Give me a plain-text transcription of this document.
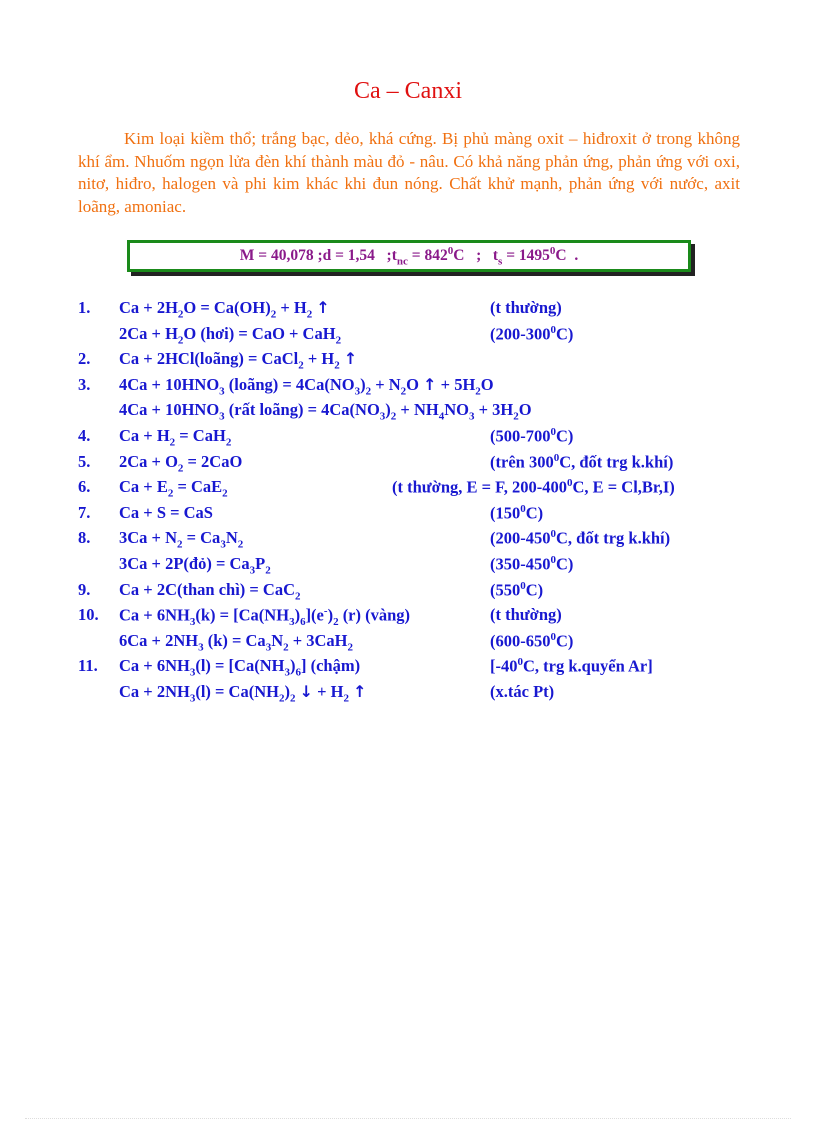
Ca – Canxi

Kim loại kiềm thổ; trắng bạc, dẻo, khá cứng. Bị phủ màng oxit – hiđroxit ở trong không khí ẩm. Nhuốm ngọn lửa đèn khí thành màu đỏ - nâu. Có khả năng phản ứng, phản ứng với oxi, nitơ, hiđro, halogen và phi kim khác khi đun nóng. Chất khử mạnh, phản ứng với nước, axit loãng, amoniac.

M = 40,078 ; d = 1,54   ; $t_{nc} = 842^0C$ ; $t_s = 1495^0C$  .
1. $Ca + 2H_2O = Ca(OH)_2 + H_2$ ↑	(t thường)
$2Ca + H_2O$ (hơi) = CaO + CaH$_2$	$(200-300^0C)$
2. Ca + 2HCl(loãng) = CaCl$_2$ + $H_2$ ↑
3. $4Ca + 10HNO_3$ (loãng) = $4Ca(NO_3)_2 + N_2O$ ↑ + $5H_2O$
$4Ca + 10HNO_3$ (rất loãng) = $4Ca(NO_3)_2 + NH_4NO_3 + 3H_2O$
4. $Ca + H_2 = CaH_2$	$(500-700^0C)$
5. $2Ca + O_2 = 2CaO$	(trên $300^0C$, đốt trg k.khí)
6. $Ca + E_2 = CaE_2$	(t thường, E = F, $200-400^0C$, E = Cl,Br,I)
7. Ca + S = CaS	$(150^0C)$
8. $3Ca + N_2 = Ca_3N_2$	($200-450^0C$, đốt trg k.khí)
3Ca + 2P(đỏ) = $Ca_3P_2$	$(350-450^0C)$
9. Ca + 2C(than chì) = CaC$_2$	$(550^0C)$
10. $Ca + 6NH_3(k) = [Ca(NH_3)_6](e^-)_2$ (r) (vàng)	(t thường)
$6Ca + 2NH_3$ $(k) = Ca_3N_2 + 3CaH_2$	$(600-650^0C)$
11. $Ca + 6NH_3(l) = [Ca(NH_3)_6]$ (chậm)	[$-40^0C$, trg k.quyển Ar]
$Ca + 2NH_3(l) = Ca(NH_2)_2$ ↓ + $H_2$ ↑	(x.tác Pt)
